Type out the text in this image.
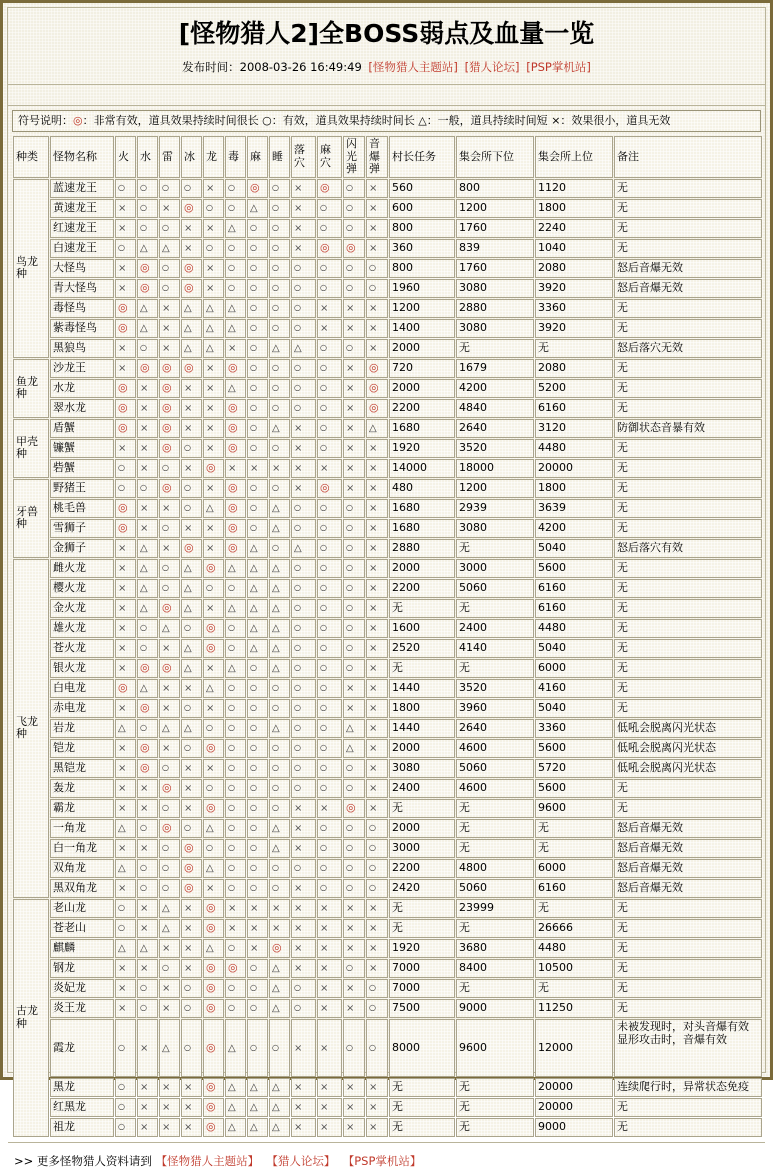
[怪物猎人2]全BOSS弱点及血量一览
发布时间：2008-03-26 16:49:49 [怪物猎人主题站] [猎人论坛] [PSP掌机站]
符号说明：◎：非常有效，道具效果持续时间很长 ○：有效，道具效果持续时间长 △：一般，道具持续时间短 ×：效果很小，道具无效
种类	怪物名称	火	水	雷	冰	龙	毒	麻	睡	落穴	麻穴	闪光弹	音爆弹	村长任务	集会所下位	集会所上位	备注
鸟龙种	蓝速龙王	○	○	○	○	×	○	◎	○	×	◎	○	×	560	800	1120	无
	黄速龙王	×	○	×	◎	○	○	△	○	×	○	○	×	600	1200	1800	无
	红速龙王	×	○	○	×	×	△	○	○	×	○	○	×	800	1760	2240	无
	白速龙王	○	△	△	×	○	○	○	○	×	◎	◎	×	360	839	1040	无
	大怪鸟	×	◎	○	◎	×	○	○	○	○	○	○	○	800	1760	2080	怒后音爆无效
	青大怪鸟	×	◎	○	◎	×	○	○	○	○	○	○	○	1960	3080	3920	怒后音爆无效
	毒怪鸟	◎	△	×	△	△	△	○	○	○	×	×	×	1200	2880	3360	无
	紫毒怪鸟	◎	△	×	△	△	△	○	○	○	×	×	×	1400	3080	3920	无
	黑狼鸟	×	○	×	△	△	×	○	△	△	○	○	×	2000	无	无	怒后落穴无效
鱼龙种	沙龙王	×	◎	◎	◎	×	◎	○	○	○	○	×	◎	720	1679	2080	无
	水龙	◎	×	◎	×	×	△	○	○	○	○	×	◎	2000	4200	5200	无
	翠水龙	◎	×	◎	×	×	◎	○	○	○	○	×	◎	2200	4840	6160	无
甲壳种	盾蟹	◎	×	◎	×	×	◎	○	△	×	○	×	△	1680	2640	3120	防御状态音暴有效
	镰蟹	×	×	◎	○	×	◎	○	○	×	○	×	×	1920	3520	4480	无
	砦蟹	○	×	○	×	◎	×	×	×	×	×	×	×	14000	18000	20000	无
牙兽种	野猪王	○	○	◎	○	×	◎	○	○	×	◎	×	×	480	1200	1800	无
	桃毛兽	◎	×	×	○	△	◎	○	△	○	○	○	×	1680	2939	3639	无
	雪狮子	◎	×	○	×	×	◎	○	△	○	○	○	×	1680	3080	4200	无
	金狮子	×	△	×	◎	×	◎	△	○	△	○	○	×	2880	无	5040	怒后落穴有效
飞龙种	雌火龙	×	△	○	△	◎	△	△	△	○	○	○	×	2000	3000	5600	无
	樱火龙	×	△	○	△	○	○	△	△	○	○	○	×	2200	5060	6160	无
	金火龙	×	△	◎	△	×	△	△	△	○	○	○	×	无	无	6160	无
	雄火龙	×	○	△	○	◎	○	△	△	○	○	○	×	1600	2400	4480	无
	苍火龙	×	○	×	△	◎	○	△	△	○	○	○	×	2520	4140	5040	无
	银火龙	×	◎	◎	△	×	△	○	△	○	○	○	×	无	无	6000	无
	白电龙	◎	△	×	×	△	○	○	○	○	○	×	×	1440	3520	4160	无
	赤电龙	×	◎	×	○	×	○	○	○	○	○	×	×	1800	3960	5040	无
	岩龙	△	○	△	△	○	○	○	△	○	○	△	×	1440	2640	3360	低吼会脱离闪光状态
	铠龙	×	◎	×	○	◎	○	○	○	○	○	△	×	2000	4600	5600	低吼会脱离闪光状态
	黑铠龙	×	◎	○	×	×	○	○	○	○	○	○	×	3080	5060	5720	低吼会脱离闪光状态
	轰龙	×	×	◎	×	○	○	○	○	○	○	○	×	2400	4600	5600	无
	霸龙	×	×	○	×	◎	○	○	○	×	×	◎	×	无	无	9600	无
	一角龙	△	○	◎	○	△	○	○	△	×	○	○	○	2000	无	无	怒后音爆无效
	白一角龙	×	×	○	◎	○	○	○	△	×	○	○	○	3000	无	无	怒后音爆无效
	双角龙	△	○	○	◎	△	○	○	○	○	○	○	○	2200	4800	6000	怒后音爆无效
	黑双角龙	×	○	○	◎	×	○	○	○	×	○	○	○	2420	5060	6160	怒后音爆无效
古龙种	老山龙	○	×	△	×	◎	×	×	×	×	×	×	×	无	23999	无	无
	苍老山	○	×	△	×	◎	×	×	×	×	×	×	×	无	无	26666	无
	麒麟	△	△	×	×	△	○	×	◎	×	×	×	×	1920	3680	4480	无
	钢龙	×	×	○	×	◎	◎	○	△	×	×	○	×	7000	8400	10500	无
	炎妃龙	×	○	×	○	◎	○	○	△	○	×	×	○	7000	无	无	无
	炎王龙	×	○	×	○	◎	○	○	△	○	×	×	○	7500	9000	11250	无
	霞龙	○	×	△	○	◎	△	○	○	×	×	○	○	8000	9600	12000	未被发现时，对头音爆有效显形攻击时，音爆有效
	黑龙	○	×	×	×	◎	△	△	△	×	×	×	×	无	无	20000	连续爬行时，异常状态免疫
	红黑龙	○	×	×	×	◎	△	△	△	×	×	×	×	无	无	20000	无
	祖龙	○	×	×	×	◎	△	△	△	×	×	×	×	无	无	9000	无
>> 更多怪物猎人资料请到 【怪物猎人主题站】 【猎人论坛】 【PSP掌机站】
